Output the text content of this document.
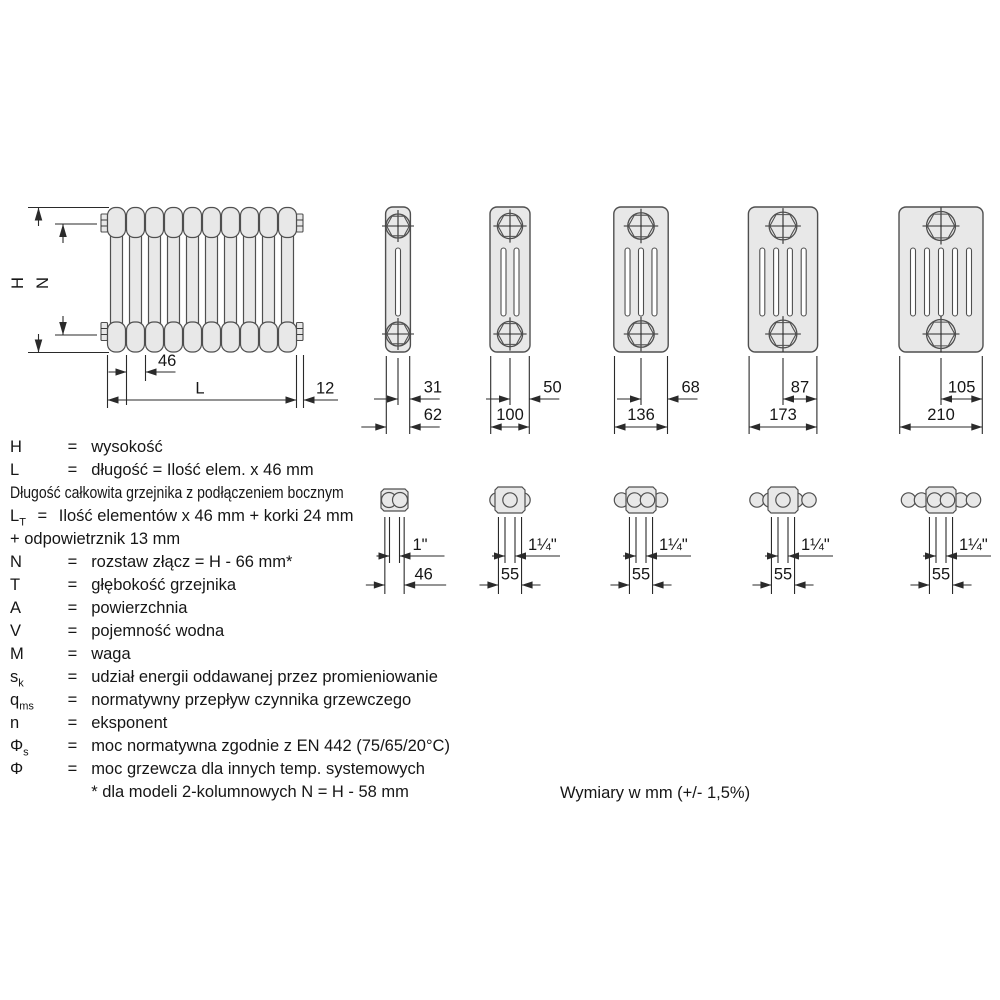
H N
46
L	12	31
62
50
100
68
136
87
173
105
210
1"
46
1¼"
55
1¼"
55
1¼"
55
1¼"
55
H	= wysokość
L	= długość = Ilość elem. x 46 mm
Długość całkowita grzejnika z podłączeniem bocznym
$L_T$ = Ilość elementów x 46 mm + korki 24 mm
+ odpowietrznik 13 mm
N	= rozstaw złącz = H - 66 mm*
T	= głębokość grzejnika
A	= powierzchnia
V	= pojemność wodna
M	= waga
$s_k$	= udział energii oddawanej przez promieniowanie
$q_{ms}$ = normatywny przepływ czynnika grzewczego
n	= eksponent
$\Phi_s$ = moc normatywna zgodnie z EN 442 (75/65/20°C)
Φ	= moc grzewcza dla innych temp. systemowych
* dla modeli 2-kolumnowych N = H - 58 mm	Wymiary w mm (+/- 1,5%)
